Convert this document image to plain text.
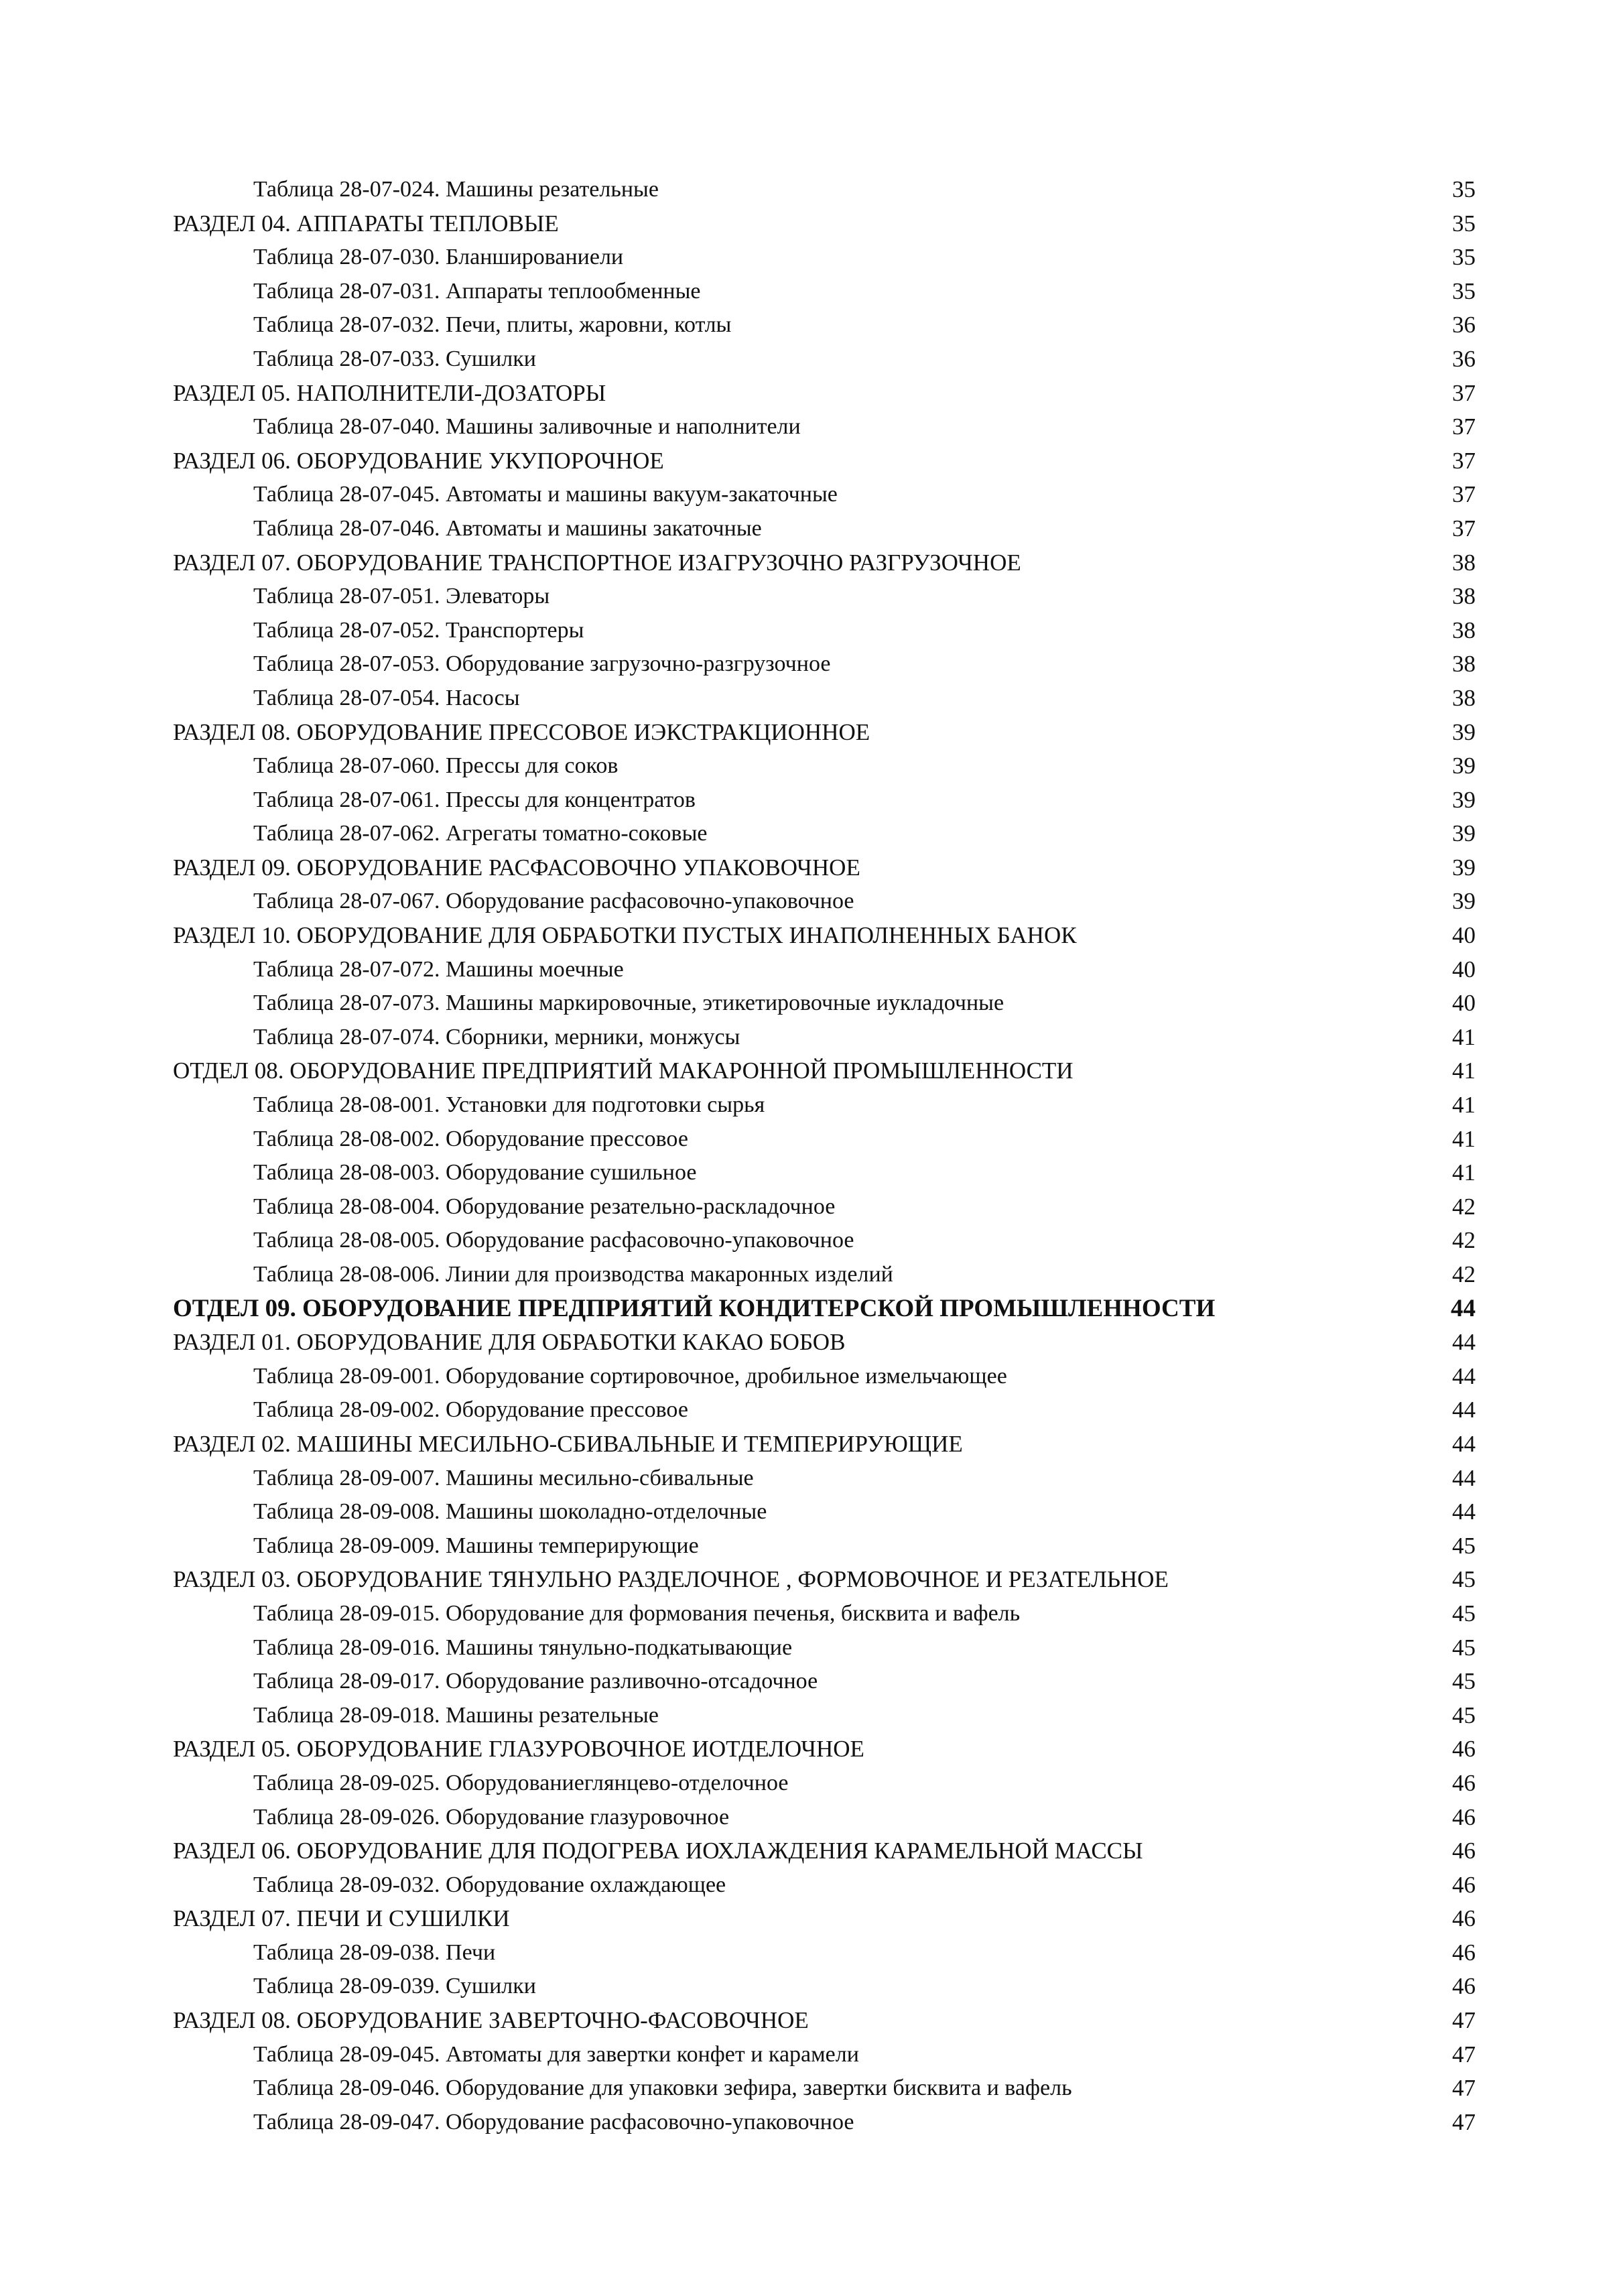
Таблица 28-07-024. Машины резательные	35
РАЗДЕЛ 04. АППАРАТЫ ТЕПЛОВЫЕ	35
Таблица 28-07-030. Бланшированиели	35
Таблица 28-07-031. Аппараты теплообменные	35
Таблица 28-07-032. Печи, плиты, жаровни, котлы	36
Таблица 28-07-033. Сушилки	36
РАЗДЕЛ 05. НАПОЛНИТЕЛИ-ДОЗАТОРЫ	37
Таблица 28-07-040. Машины заливочные и наполнители	37
РАЗДЕЛ 06. ОБОРУДОВАНИЕ УКУПОРОЧНОЕ	37
Таблица 28-07-045. Автоматы и машины вакуум-закаточные	37
Таблица 28-07-046. Автоматы и машины закаточные	37
РАЗДЕЛ 07. ОБОРУДОВАНИЕ ТРАНСПОРТНОЕ ИЗАГРУЗОЧНО РАЗГРУЗОЧНОЕ	38
Таблица 28-07-051. Элеваторы	38
Таблица 28-07-052. Транспортеры	38
Таблица 28-07-053. Оборудование загрузочно-разгрузочное	38
Таблица 28-07-054. Насосы	38
РАЗДЕЛ 08. ОБОРУДОВАНИЕ ПРЕССОВОЕ ИЭКСТРАКЦИОННОЕ	39
Таблица 28-07-060. Прессы для соков	39
Таблица 28-07-061. Прессы для концентратов	39
Таблица 28-07-062. Агрегаты томатно-соковые	39
РАЗДЕЛ 09. ОБОРУДОВАНИЕ РАСФАСОВОЧНО УПАКОВОЧНОЕ	39
Таблица 28-07-067. Оборудование расфасовочно-упаковочное	39
РАЗДЕЛ 10. ОБОРУДОВАНИЕ ДЛЯ ОБРАБОТКИ ПУСТЫХ ИНАПОЛНЕННЫХ БАНОК	40
Таблица 28-07-072. Машины моечные	40
Таблица 28-07-073. Машины маркировочные, этикетировочные иукладочные	40
Таблица 28-07-074. Сборники, мерники, монжусы	41
ОТДЕЛ 08. ОБОРУДОВАНИЕ ПРЕДПРИЯТИЙ МАКАРОННОЙ ПРОМЫШЛЕННОСТИ	41
Таблица 28-08-001. Установки для подготовки сырья	41
Таблица 28-08-002. Оборудование прессовое	41
Таблица 28-08-003. Оборудование сушильное	41
Таблица 28-08-004. Оборудование резательно-раскладочное	42
Таблица 28-08-005. Оборудование расфасовочно-упаковочное	42
Таблица 28-08-006. Линии для производства макаронных изделий	42
ОТДЕЛ 09. ОБОРУДОВАНИЕ ПРЕДПРИЯТИЙ КОНДИТЕРСКОЙ ПРОМЫШЛЕННОСТИ	44
РАЗДЕЛ 01. ОБОРУДОВАНИЕ ДЛЯ ОБРАБОТКИ КАКАО БОБОВ	44
Таблица 28-09-001. Оборудование сортировочное, дробильное измельчающее	44
Таблица 28-09-002. Оборудование прессовое	44
РАЗДЕЛ 02. МАШИНЫ МЕСИЛЬНО-СБИВАЛЬНЫЕ И ТЕМПЕРИРУЮЩИЕ	44
Таблица 28-09-007. Машины месильно-сбивальные	44
Таблица 28-09-008. Машины шоколадно-отделочные	44
Таблица 28-09-009. Машины темперирующие	45
РАЗДЕЛ 03. ОБОРУДОВАНИЕ ТЯНУЛЬНО РАЗДЕЛОЧНОЕ , ФОРМОВОЧНОЕ И РЕЗАТЕЛЬНОЕ	45
Таблица 28-09-015. Оборудование для формования печенья, бисквита и вафель	45
Таблица 28-09-016. Машины тянульно-подкатывающие	45
Таблица 28-09-017. Оборудование разливочно-отсадочное	45
Таблица 28-09-018. Машины резательные	45
РАЗДЕЛ 05. ОБОРУДОВАНИЕ ГЛАЗУРОВОЧНОЕ ИОТДЕЛОЧНОЕ	46
Таблица 28-09-025. Оборудованиеглянцево-отделочное	46
Таблица 28-09-026. Оборудование глазуровочное	46
РАЗДЕЛ 06. ОБОРУДОВАНИЕ ДЛЯ ПОДОГРЕВА ИОХЛАЖДЕНИЯ КАРАМЕЛЬНОЙ МАССЫ	46
Таблица 28-09-032. Оборудование охлаждающее	46
РАЗДЕЛ 07. ПЕЧИ И СУШИЛКИ	46
Таблица 28-09-038. Печи	46
Таблица 28-09-039. Сушилки	46
РАЗДЕЛ 08. ОБОРУДОВАНИЕ ЗАВЕРТОЧНО-ФАСОВОЧНОЕ	47
Таблица 28-09-045. Автоматы для завертки конфет и карамели	47
Таблица 28-09-046. Оборудование для упаковки зефира, завертки бисквита и вафель	47
Таблица 28-09-047. Оборудование расфасовочно-упаковочное	47
